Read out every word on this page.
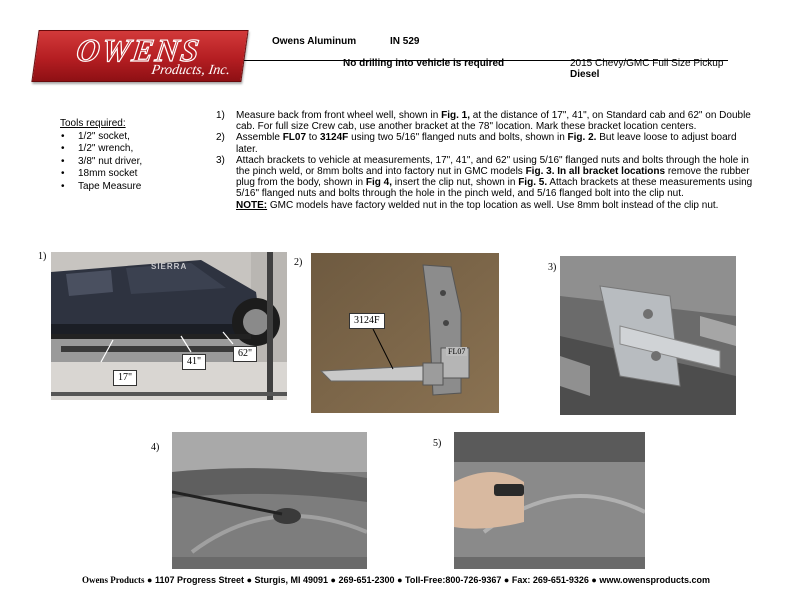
OWENS
Products, Inc.
Owens Aluminum	IN 529
No drilling into vehicle is required	2015 Chevy/GMC Full Size Pickup
Diesel
Tools required:
• 1/2" socket,
• 1/2" wrench,
• 3/8" nut driver,
• 18mm socket
• Tape Measure
1) Measure back from front wheel well, shown in Fig. 1, at the distance of 17", 41", on Standard cab and 62" on Double cab. For full size Crew cab, use another bracket at the 78" location. Mark these bracket location centers.
2) Assemble FL07 to 3124F using two 5/16" flanged nuts and bolts, shown in Fig. 2. But leave loose to adjust board later.
3) Attach brackets to vehicle at measurements, 17", 41", and 62" using 5/16" flanged nuts and bolts through the hole in the pinch weld, or 8mm bolts and into factory nut in GMC models Fig. 3. In all bracket locations remove the rubber plug from the body, shown in Fig 4, insert the clip nut, shown in Fig. 5. Attach brackets at these measurements using 5/16" flanged nuts and bolts through the hole in the pinch weld, and 5/16 flanged bolt into the clip nut.
NOTE: GMC models have factory welded nut in the top location as well. Use 8mm bolt instead of the clip nut.
1)
SIERRA
17"
41"
62"
2)
3124F
FL07
3)
4)	5)
Owens Products ● 1107 Progress Street ● Sturgis, MI 49091 ● 269-651-2300 ● Toll-Free:800-726-9367 ● Fax: 269-651-9326 ● www.owensproducts.com
